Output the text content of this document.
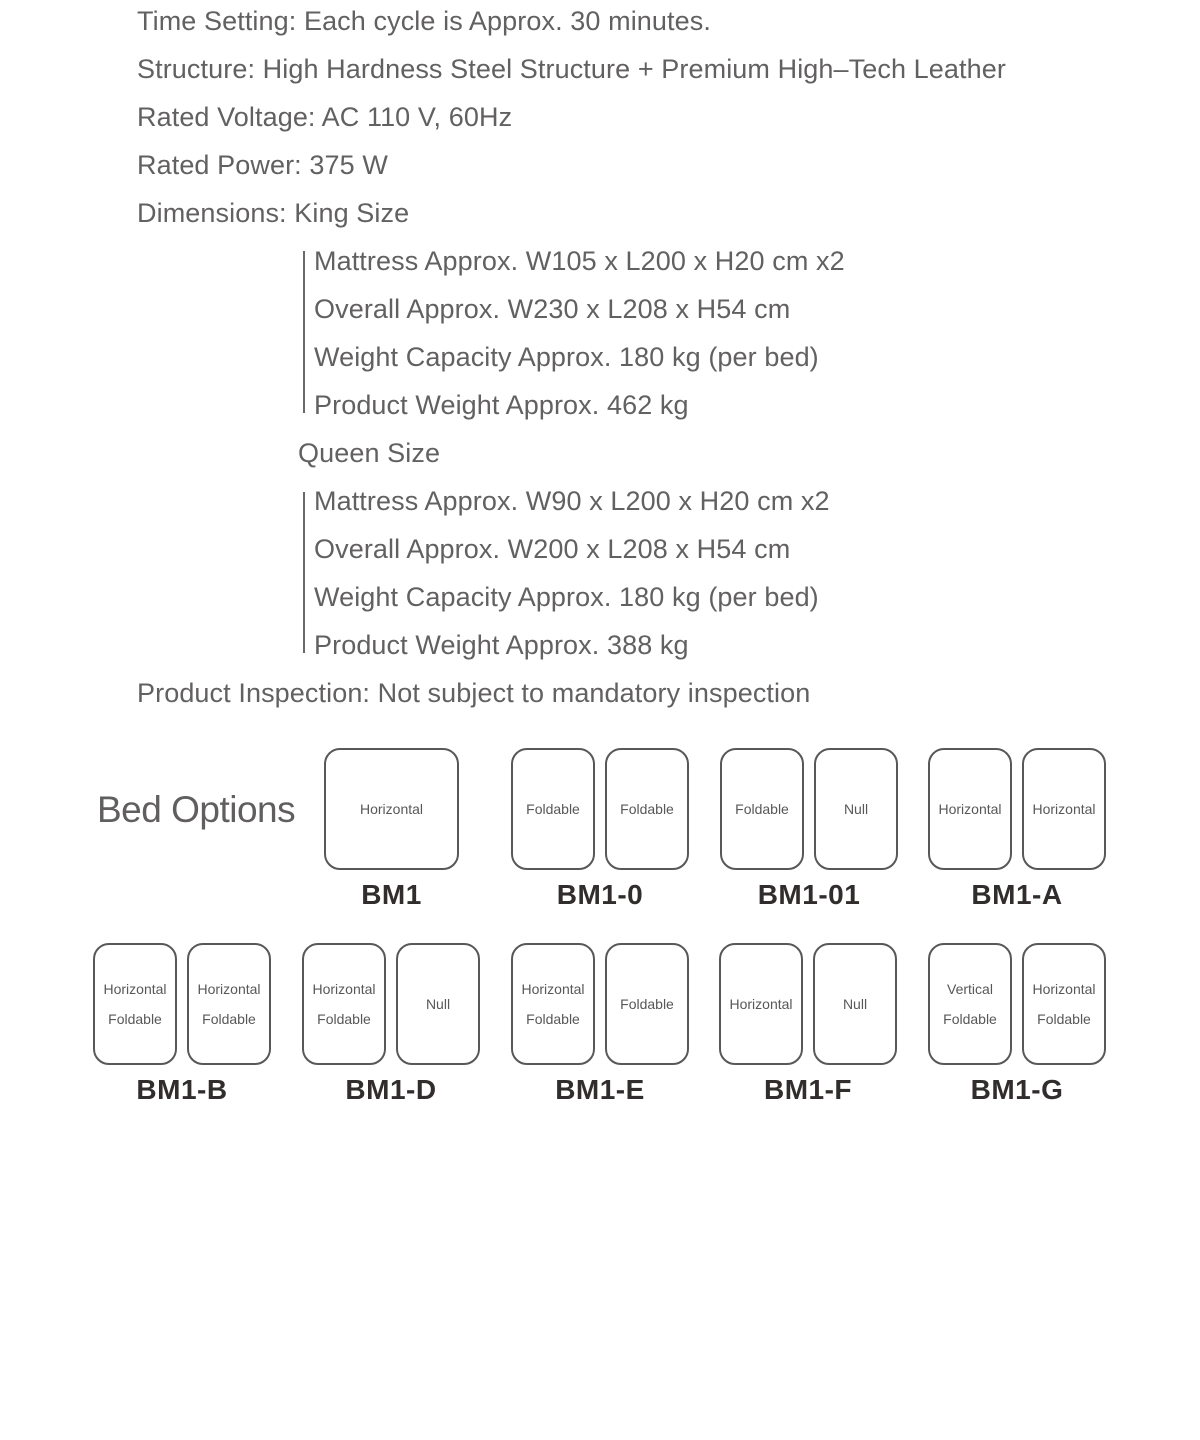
Time Setting: Each cycle is Approx. 30 minutes.
Structure: High Hardness Steel Structure + Premium High–Tech Leather
Rated Voltage: AC 110 V, 60Hz
Rated Power: 375 W
Dimensions: King Size
Mattress Approx. W105 x L200 x H20 cm x2
Overall Approx. W230 x L208 x H54 cm
Weight Capacity Approx. 180 kg (per bed)
Product Weight Approx. 462 kg
Queen Size
Mattress Approx. W90 x L200 x H20 cm x2
Overall Approx. W200 x L208 x H54 cm
Weight Capacity Approx. 180 kg (per bed)
Product Weight Approx. 388 kg
Product Inspection: Not subject to mandatory inspection
Bed Options	Horizontal
BM1
Foldable	Foldable
BM1-0
Foldable	Null
BM1-01
Horizontal Horizontal
BM1-A
Horizontal
Foldable
Horizontal
Foldable
BM1-B
Horizontal
Foldable
Null
BM1-D
Horizontal
Foldable
Foldable
BM1-E
Horizontal	Null
BM1-F
Vertical
Foldable
Horizontal
Foldable
BM1-G
